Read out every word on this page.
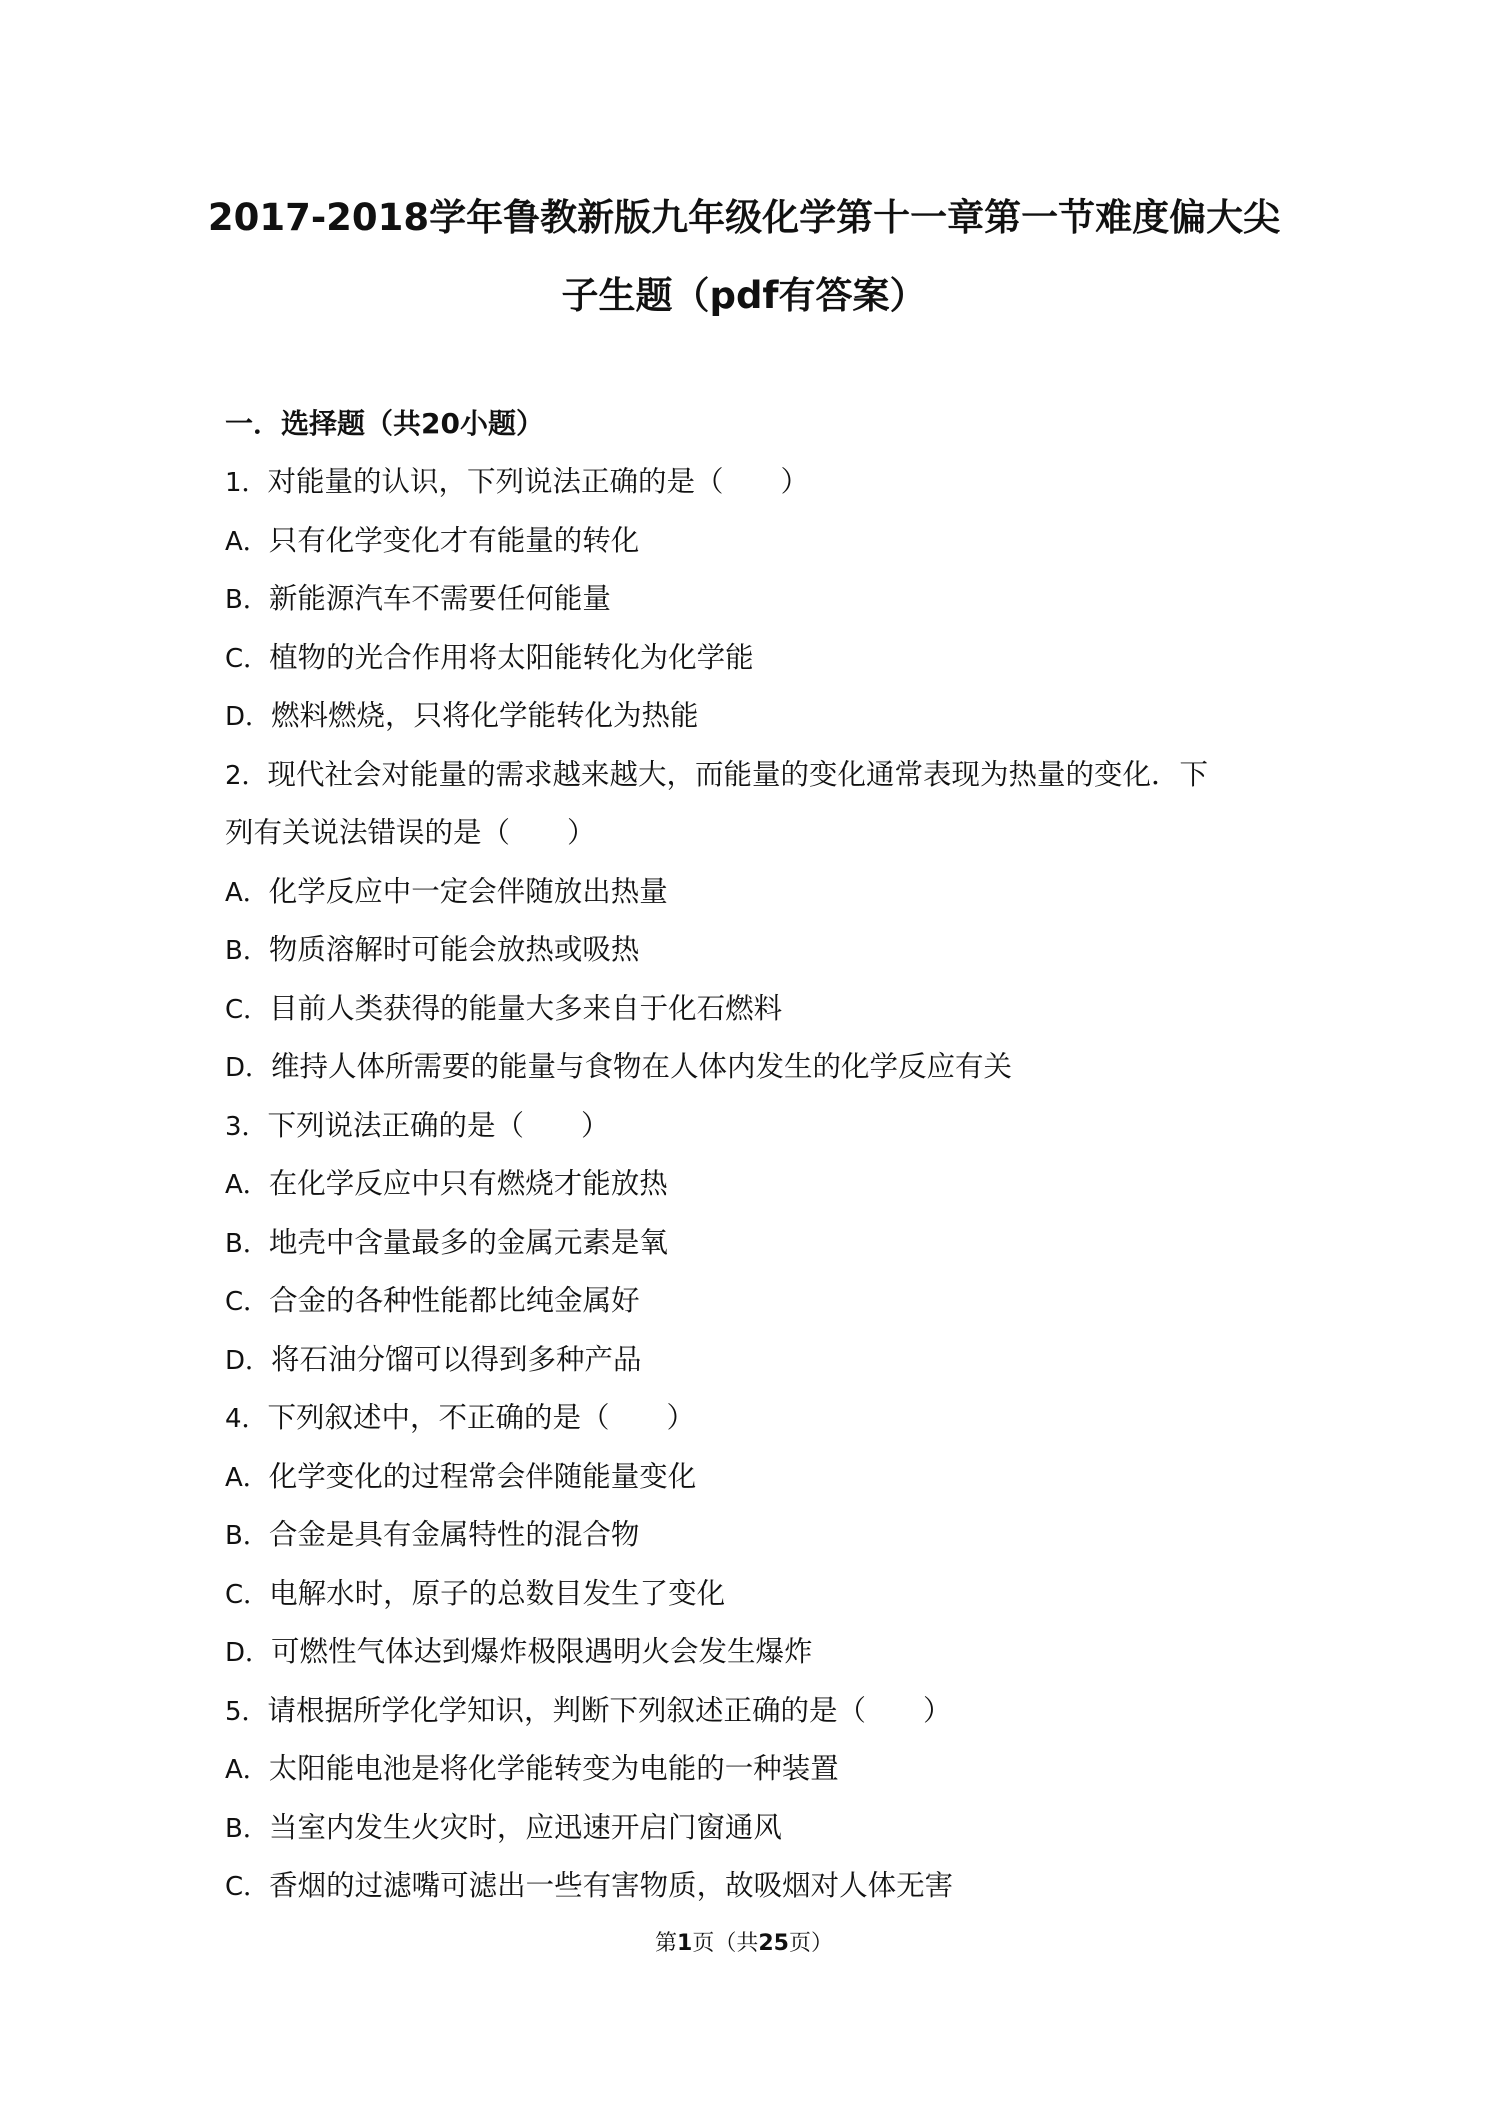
2017-2018学年鲁教新版九年级化学第十一章第一节难度偏大尖
子生题（pdf有答案）
一．选择题（共20小题）
1．对能量的认识，下列说法正确的是（　　）
A．只有化学变化才有能量的转化
B．新能源汽车不需要任何能量
C．植物的光合作用将太阳能转化为化学能
D．燃料燃烧，只将化学能转化为热能
2．现代社会对能量的需求越来越大，而能量的变化通常表现为热量的变化．下
列有关说法错误的是（　　）
A．化学反应中一定会伴随放出热量
B．物质溶解时可能会放热或吸热
C．目前人类获得的能量大多来自于化石燃料
D．维持人体所需要的能量与食物在人体内发生的化学反应有关
3．下列说法正确的是（　　）
A．在化学反应中只有燃烧才能放热
B．地壳中含量最多的金属元素是氧
C．合金的各种性能都比纯金属好
D．将石油分馏可以得到多种产品
4．下列叙述中，不正确的是（　　）
A．化学变化的过程常会伴随能量变化
B．合金是具有金属特性的混合物
C．电解水时，原子的总数目发生了变化
D．可燃性气体达到爆炸极限遇明火会发生爆炸
5．请根据所学化学知识，判断下列叙述正确的是（　　）
A．太阳能电池是将化学能转变为电能的一种装置
B．当室内发生火灾时，应迅速开启门窗通风
C．香烟的过滤嘴可滤出一些有害物质，故吸烟对人体无害
第1页（共25页）
